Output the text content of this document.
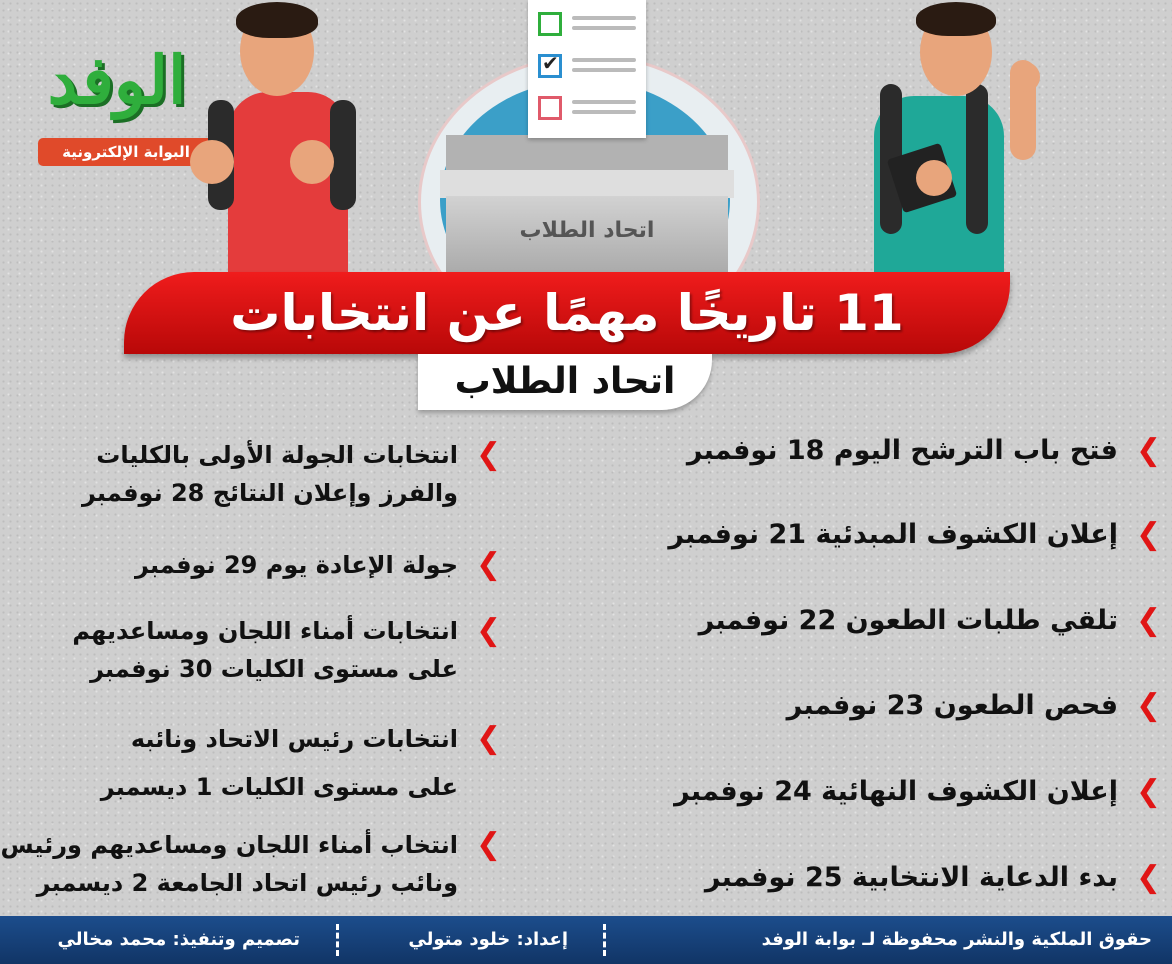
الوفد
البوابة الإلكترونية
✔
اتحاد الطلاب
11 تاريخًا مهمًا عن انتخابات
اتحاد الطلاب
فتح باب الترشح اليوم 18 نوفمبر ❮
إعلان الكشوف المبدئية 21 نوفمبر ❮
تلقي طلبات الطعون 22 نوفمبر ❮
فحص الطعون 23 نوفمبر ❮
إعلان الكشوف النهائية 24 نوفمبر ❮
بدء الدعاية الانتخابية 25 نوفمبر ❮
انتخابات الجولة الأولى بالكليات
والفرز وإعلان النتائج 28 نوفمبر
❮
جولة الإعادة يوم 29 نوفمبر ❮
انتخابات أمناء اللجان ومساعديهم
على مستوى الكليات 30 نوفمبر
❮
انتخابات رئيس الاتحاد ونائبه
على مستوى الكليات 1 ديسمبر
❮
انتخاب أمناء اللجان ومساعديهم ورئيس
ونائب رئيس اتحاد الجامعة 2 ديسمبر
❮
حقوق الملكية والنشر محفوظة لـ بوابة الوفد
إعداد: خلود متولي
تصميم وتنفيذ: محمد مخالي
